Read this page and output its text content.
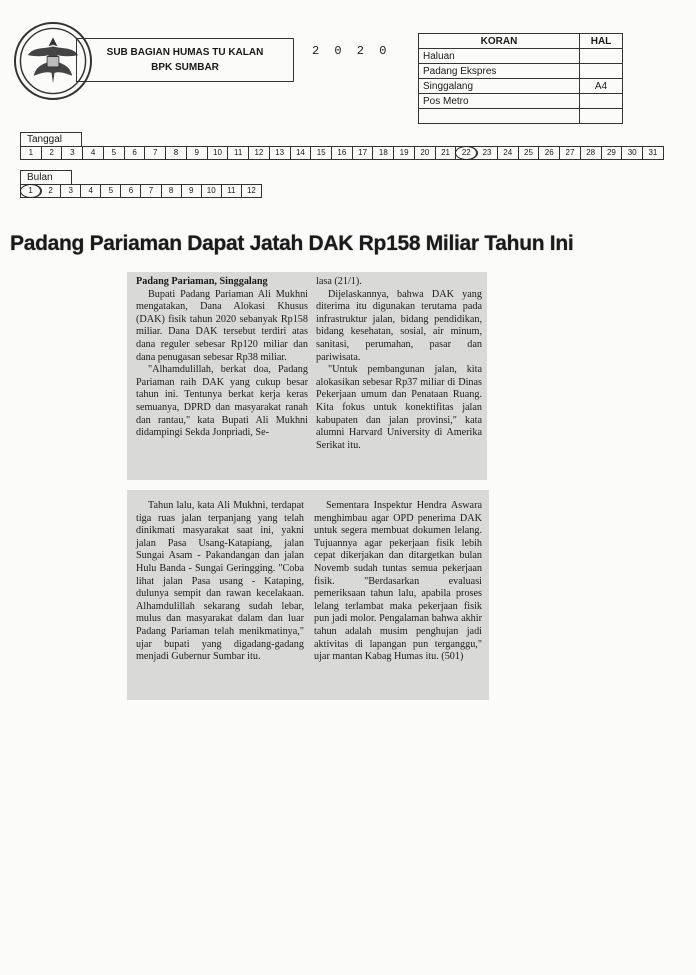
SUB BAGIAN HUMAS TU KALAN
BPK SUMBAR
2 0 2 0
KORAN	HAL
Haluan	
Padang Ekspres	
Singgalang	A4
Pos Metro	

Tanggal
1	2	3	4	5	6	7	8	9	10	11	12	13	14	15	16	17	18	19	20	21	22	23	24	25	26	27	28	29	30	31
Bulan
1	2	3	4	5	6	7	8	9	10	11	12
Padang Pariaman Dapat Jatah DAK Rp158 Miliar Tahun Ini

Padang Pariaman, Singgalang

Bupati Padang Pariaman Ali Mukhni mengatakan, Dana Alokasi Khusus (DAK) fisik tahun 2020 sebanyak Rp158 miliar. Dana DAK tersebut terdiri atas dana reguler sebesar Rp120 miliar dan dana penugasan sebesar Rp38 miliar.

"Alhamdulillah, berkat doa, Padang Pariaman raih DAK yang cukup besar tahun ini. Tentunya berkat kerja keras semuanya, DPRD dan masyarakat ranah dan rantau," kata Bupati Ali Mukhni didampingi Sekda Jonpriadi, Se-

lasa (21/1).

Dijelaskannya, bahwa DAK yang diterima itu digunakan terutama pada infrastruktur jalan, bidang pendidikan, bidang kesehatan, sosial, air minum, sanitasi, perumahan, pasar dan pariwisata.

"Untuk pembangunan jalan, kita alokasikan sebesar Rp37 miliar di Dinas Pekerjaan umum dan Penataan Ruang. Kita fokus untuk konektifitas jalan kabupaten dan jalan provinsi," kata alumni Harvard University di Amerika Serikat itu.

Tahun lalu, kata Ali Mukhni, terdapat tiga ruas jalan terpanjang yang telah dinikmati masyarakat saat ini, yakni jalan Pasa Usang-Katapiang, jalan Sungai Asam - Pakandangan dan jalan Hulu Banda - Sungai Geringging. "Coba lihat jalan Pasa usang - Kataping, dulunya sempit dan rawan kecelakaan. Alhamdulillah sekarang sudah lebar, mulus dan masyarakat dalam dan luar Padang Pariaman telah menikmatinya," ujar bupati yang digadang-gadang menjadi Gubernur Sumbar itu.

Sementara Inspektur Hendra Aswara menghimbau agar OPD penerima DAK untuk segera membuat dokumen lelang. Tujuannya agar pekerjaan fisik lebih cepat dikerjakan dan ditargetkan bulan Novemb sudah tuntas semua pekerjaan fisik. "Berdasarkan evaluasi pemeriksaan tahun lalu, apabila proses lelang terlambat maka pekerjaan fisik pun jadi molor. Pengalaman bahwa akhir tahun adalah musim penghujan jadi aktivitas di lapangan pun terganggu," ujar mantan Kabag Humas itu. (501)
